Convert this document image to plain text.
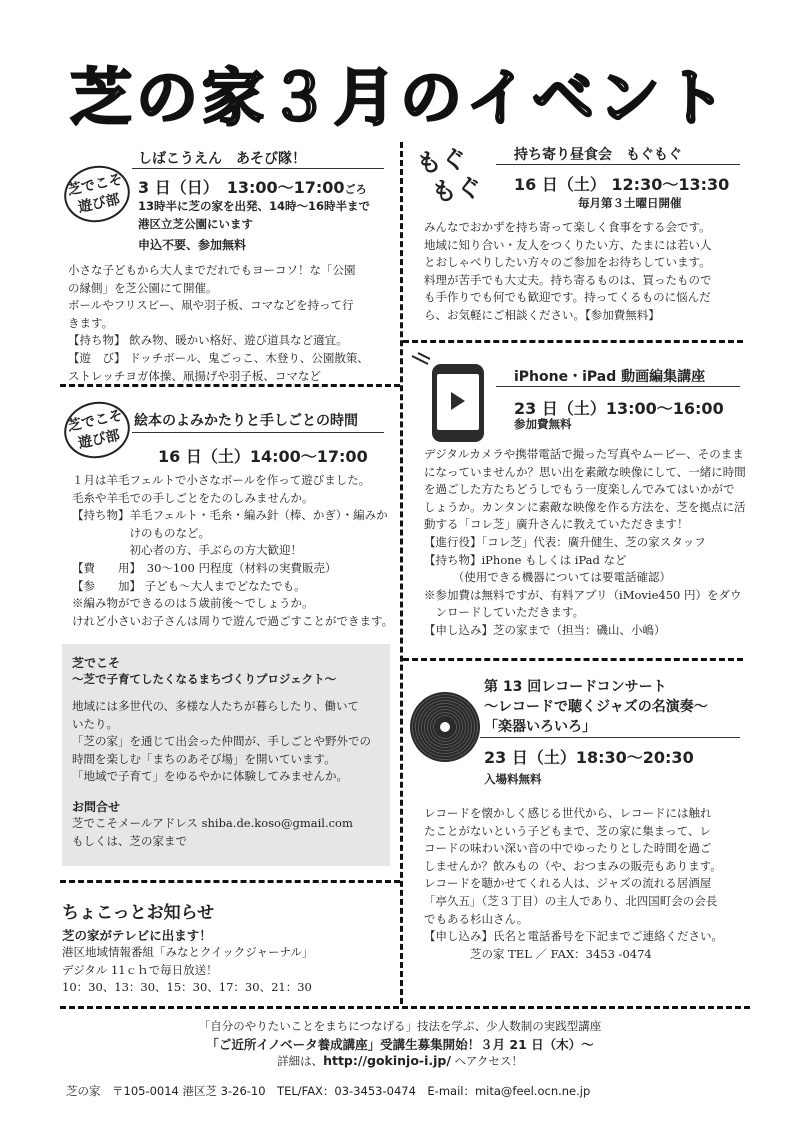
芝の家３月のイベント
芝でこそ
遊び部
しばこうえん　あそび隊！
3 日（日）　13:00〜17:00ごろ
13時半に芝の家を出発、14時〜16時半まで
港区立芝公園にいます
申込不要、参加無料
小さな子どもから大人までだれでもヨーコソ！な「公園
の縁側」を芝公園にて開催。
ボールやフリスビー、凧や羽子板、コマなどを持って行
きます。
【持ち物】 飲み物、暖かい格好、遊び道具など適宜。
【遊　び】 ドッチボール、鬼ごっこ、木登り、公園散策、
ストレッチヨガ体操、凧揚げや羽子板、コマなど
芝でこそ
遊び部
絵本のよみかたりと手しごとの時間
16 日（土）14:00〜17:00
１月は羊毛フェルトで小さなボールを作って遊びました。
毛糸や羊毛での手しごとをたのしみませんか。
【持ち物】羊毛フェルト・毛糸・編み針（棒、かぎ）・編みか
　　　　　けのものなど。
　　　　　初心者の方、手ぶらの方大歓迎！
【費　　用】　30〜100 円程度（材料の実費販売）
【参　　加】 子ども〜大人までどなたでも。
※編み物ができるのは５歳前後〜でしょうか。
けれど小さいお子さんは周りで遊んで過ごすことができます。
芝でこそ
〜芝で子育てしたくなるまちづくりプロジェクト〜
地域には多世代の、多様な人たちが暮らしたり、働いて
いたり。
「芝の家」を通じて出会った仲間が、手しごとや野外での
時間を楽しむ「まちのあそび場」を開いています。
「地域で子育て」をゆるやかに体験してみませんか。
お問合せ
芝でこそメールアドレス shiba.de.koso@gmail.com
もしくは、芝の家まで
ちょこっとお知らせ
芝の家がテレビに出ます！
港区地域情報番組「みなとクイックジャーナル」
デジタル 11ｃｈで毎日放送！
10：30、13：30、15：30、17：30、21：30
もぐ
もぐ
持ち寄り昼食会　もぐもぐ
16 日（土） 12:30〜13:30
毎月第３土曜日開催
みんなでおかずを持ち寄って楽しく食事をする会です。
地域に知り合い・友人をつくりたい方、たまには若い人
とおしゃべりしたい方々のご参加をお待ちしています。
料理が苦手でも大丈夫。持ち寄るものは、買ったもので
も手作りでも何でも歓迎です。持ってくるものに悩んだ
ら、お気軽にご相談ください。【参加費無料】
iPhone・iPad 動画編集講座
23 日（土）13:00〜16:00
参加費無料
デジタルカメラや携帯電話で撮った写真やムービー、そのまま
になっていませんか？思い出を素敵な映像にして、一緒に時間
を過ごした方たちどうしでもう一度楽しんでみてはいかがで
しょうか。カンタンに素敵な映像を作る方法を、芝を拠点に活
動する「コレ芝」廣升さんに教えていただきます！
【進行役】「コレ芝」代表：廣升健生、芝の家スタッフ
【持ち物】iPhone もしくは iPad など
　　　（使用できる機器については要電話確認）
※参加費は無料ですが、有料アプリ（iMovie450 円）をダウ
　ンロードしていただきます。
【申し込み】芝の家まで（担当：磯山、小嶋）
第 13 回レコードコンサート
〜レコードで聴くジャズの名演奏〜
「楽器いろいろ」
23 日（土）18:30〜20:30
入場料無料
レコードを懐かしく感じる世代から、レコードには触れ
たことがないという子どもまで、芝の家に集まって、レ
コードの味わい深い音の中でゆったりとした時間を過ご
しませんか？飲みもの（や、おつまみの販売もあります。
レコードを聴かせてくれる人は、ジャズの流れる居酒屋
「亭久五」（芝３丁目）の主人であり、北四国町会の会長
でもある杉山さん。
【申し込み】氏名と電話番号を下記までご連絡ください。
　　　　芝の家 TEL ／ FAX：3453 -0474
「自分のやりたいことをまちにつなげる」技法を学ぶ、少人数制の実践型講座
「ご近所イノベータ養成講座」受講生募集開始！３月 21 日（木）〜
詳細は、http://gokinjo-i.jp/ へアクセス！
芝の家　〒105-0014 港区芝 3-26-10　TEL/FAX：03-3453-0474　E-mail：mita@feel.ocn.ne.jp
